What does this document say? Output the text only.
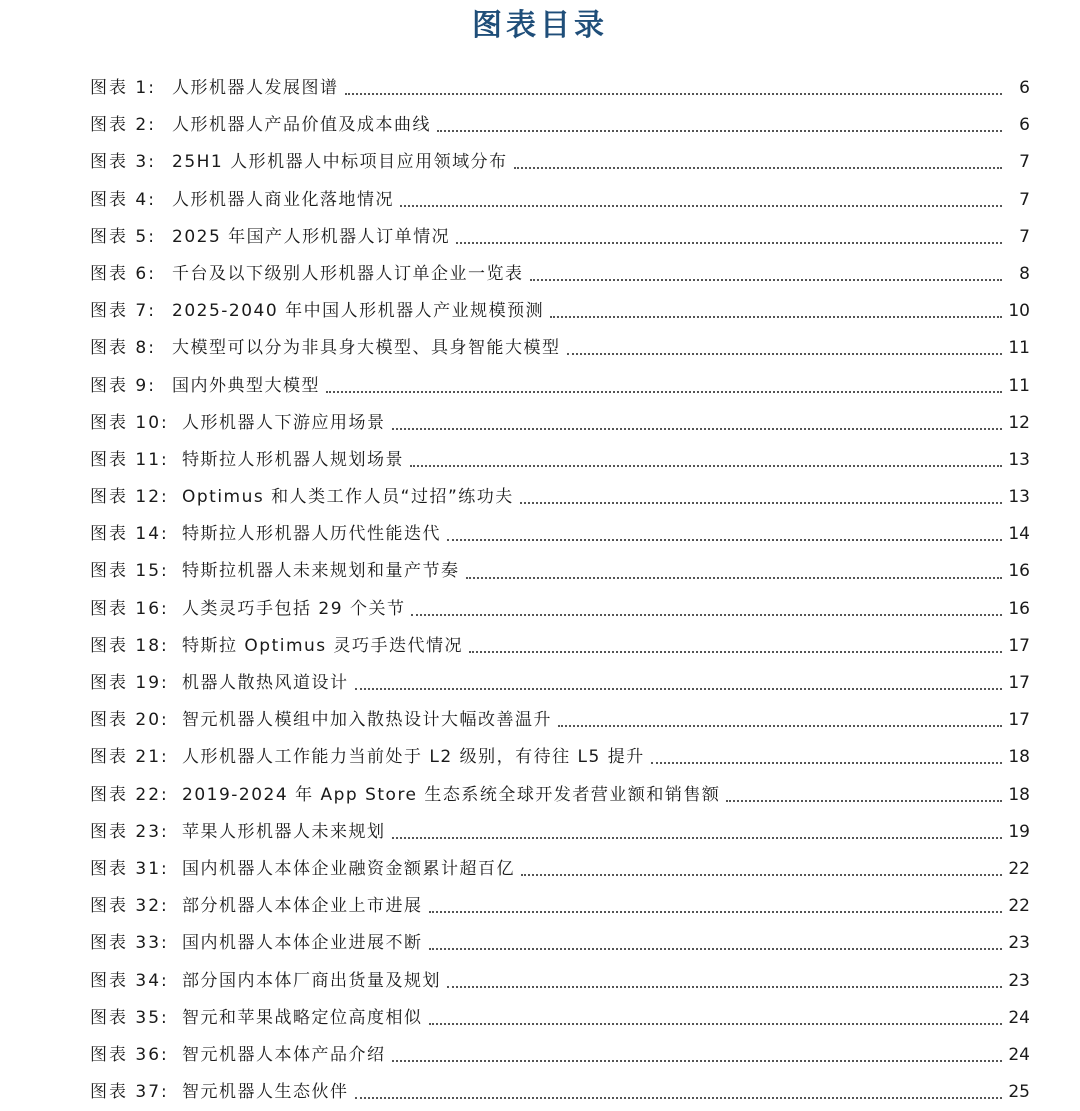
图表目录
图表 1: 人形机器人发展图谱	6
图表 2: 人形机器人产品价值及成本曲线	6
图表 3: 25H1 人形机器人中标项目应用领域分布	7
图表 4: 人形机器人商业化落地情况	7
图表 5: 2025 年国产人形机器人订单情况	7
图表 6: 千台及以下级别人形机器人订单企业一览表	8
图表 7: 2025-2040 年中国人形机器人产业规模预测	10
图表 8: 大模型可以分为非具身大模型、具身智能大模型	11
图表 9: 国内外典型大模型	11
图表 10: 人形机器人下游应用场景	12
图表 11: 特斯拉人形机器人规划场景	13
图表 12: Optimus 和人类工作人员“过招”练功夫	13
图表 14: 特斯拉人形机器人历代性能迭代	14
图表 15: 特斯拉机器人未来规划和量产节奏	16
图表 16: 人类灵巧手包括 29 个关节	16
图表 18: 特斯拉 Optimus 灵巧手迭代情况	17
图表 19: 机器人散热风道设计	17
图表 20: 智元机器人模组中加入散热设计大幅改善温升	17
图表 21: 人形机器人工作能力当前处于 L2 级别，有待往 L5 提升	18
图表 22: 2019-2024 年 App Store 生态系统全球开发者营业额和销售额	18
图表 23: 苹果人形机器人未来规划	19
图表 31: 国内机器人本体企业融资金额累计超百亿	22
图表 32: 部分机器人本体企业上市进展	22
图表 33: 国内机器人本体企业进展不断	23
图表 34: 部分国内本体厂商出货量及规划	23
图表 35: 智元和苹果战略定位高度相似	24
图表 36: 智元机器人本体产品介绍	24
图表 37: 智元机器人生态伙伴	25
